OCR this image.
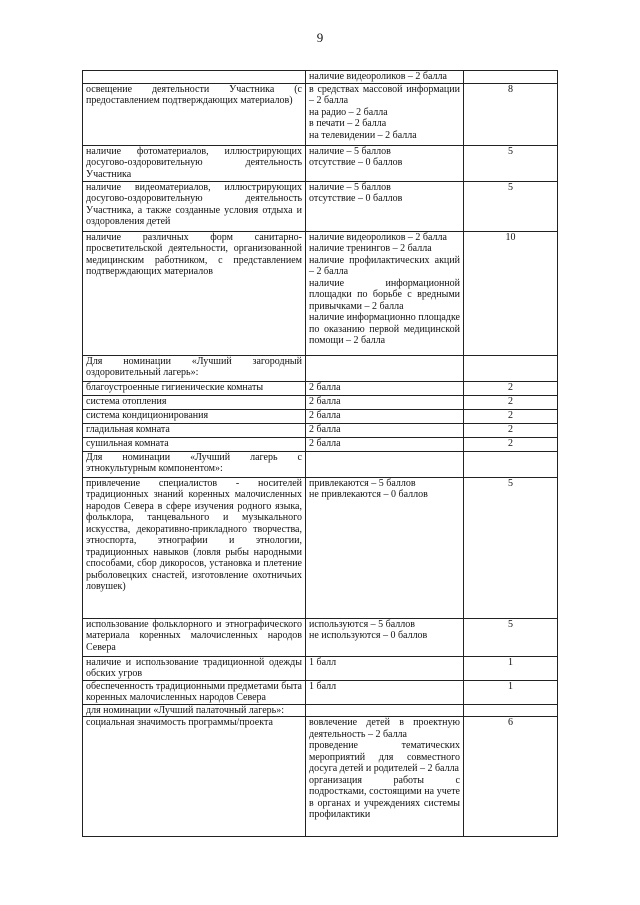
9

	наличие видеороликов – 2 балла	

освещение деятельности Участника (с предоставлением подтверждающих материалов)	в средствах массовой информации – 2 балла
на радио – 2 балла
в печати – 2 балла
на телевидении – 2 балла	8

наличие фотоматериалов, иллюстрирующих досугово-оздоровительную деятельность Участника	наличие – 5 баллов
отсутствие – 0 баллов	5

наличие видеоматериалов, иллюстрирующих досугово-оздоровительную деятельность Участника, а также созданные условия отдыха и оздоровления детей	наличие – 5 баллов
отсутствие – 0 баллов	5

наличие различных форм санитарно-просветительской деятельности, организованной медицинским работником, с представлением подтверждающих материалов	наличие видеороликов – 2 балла
наличие тренингов – 2 балла
наличие профилактических акций – 2 балла
наличие информационной площадки по борьбе с вредными привычками – 2 балла
наличие информационно площадке по оказанию первой медицинской помощи – 2 балла	10

Для номинации «Лучший загородный оздоровительный лагерь»:		

благоустроенные гигиенические комнаты	2 балла	2

система отопления	2 балла	2

система кондиционирования	2 балла	2

гладильная комната	2 балла	2

сушильная комната	2 балла	2

Для номинации «Лучший лагерь с этнокультурным компонентом»:		

привлечение специалистов - носителей традиционных знаний коренных малочисленных народов Севера в сфере изучения родного языка, фольклора, танцевального и музыкального искусства, декоративно-прикладного творчества, этноспорта, этнографии и этнологии, традиционных навыков (ловля рыбы народными способами, сбор дикоросов, установка и плетение рыболовецких снастей, изготовление охотничьих ловушек)	привлекаются – 5 баллов
не привлекаются – 0 баллов	5

использование фольклорного и этнографического материала коренных малочисленных народов Севера	используются – 5 баллов
не используются – 0 баллов	5

наличие и использование традиционной одежды обских угров	1 балл	1

обеспеченность традиционными предметами быта коренных малочисленных народов Севера	1 балл	1

для номинации «Лучший палаточный лагерь»:		

социальная значимость программы/проекта	вовлечение детей в проектную деятельность – 2 балла
проведение тематических мероприятий для совместного досуга детей и родителей – 2 балла
организация работы с подростками, состоящими на учете в органах и учреждениях системы профилактики	6
